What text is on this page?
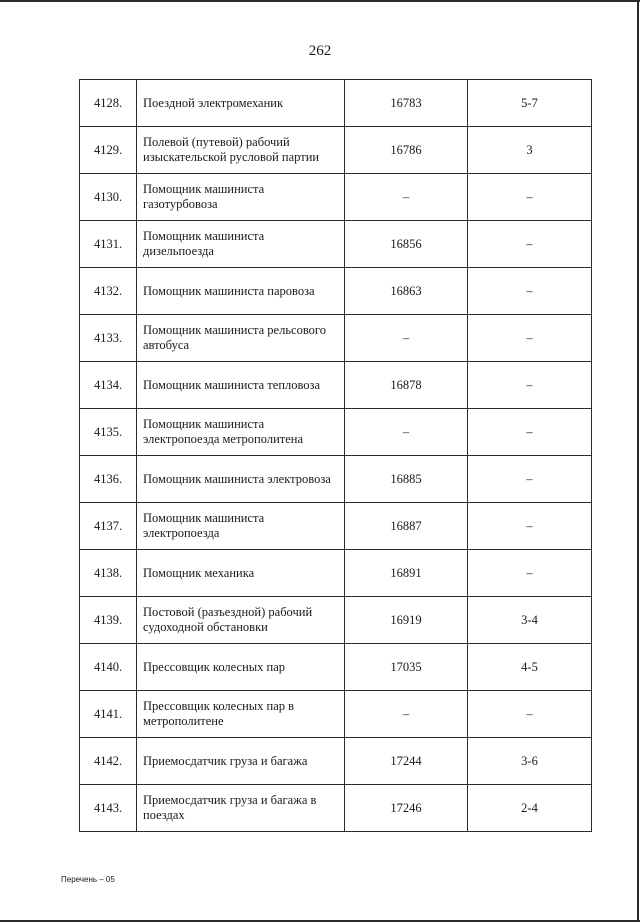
262
4128.	Поездной электромеханик	16783	5-7
4129.	Полевой (путевой) рабочий изыскательской русловой партии	16786	3
4130.	Помощник машиниста газотурбовоза	–	–
4131.	Помощник машиниста дизельпоезда	16856	–
4132.	Помощник машиниста паровоза	16863	–
4133.	Помощник машиниста рельсового автобуса	–	–
4134.	Помощник машиниста тепловоза	16878	–
4135.	Помощник машиниста электропоезда метрополитена	–	–
4136.	Помощник машиниста электровоза	16885	–
4137.	Помощник машиниста электропоезда	16887	–
4138.	Помощник механика	16891	–
4139.	Постовой (разъездной) рабочий судоходной обстановки	16919	3-4
4140.	Прессовщик колесных пар	17035	4-5
4141.	Прессовщик колесных пар в метрополитене	–	–
4142.	Приемосдатчик груза и багажа	17244	3-6
4143.	Приемосдатчик груза и багажа в поездах	17246	2-4
Перечень – 05
